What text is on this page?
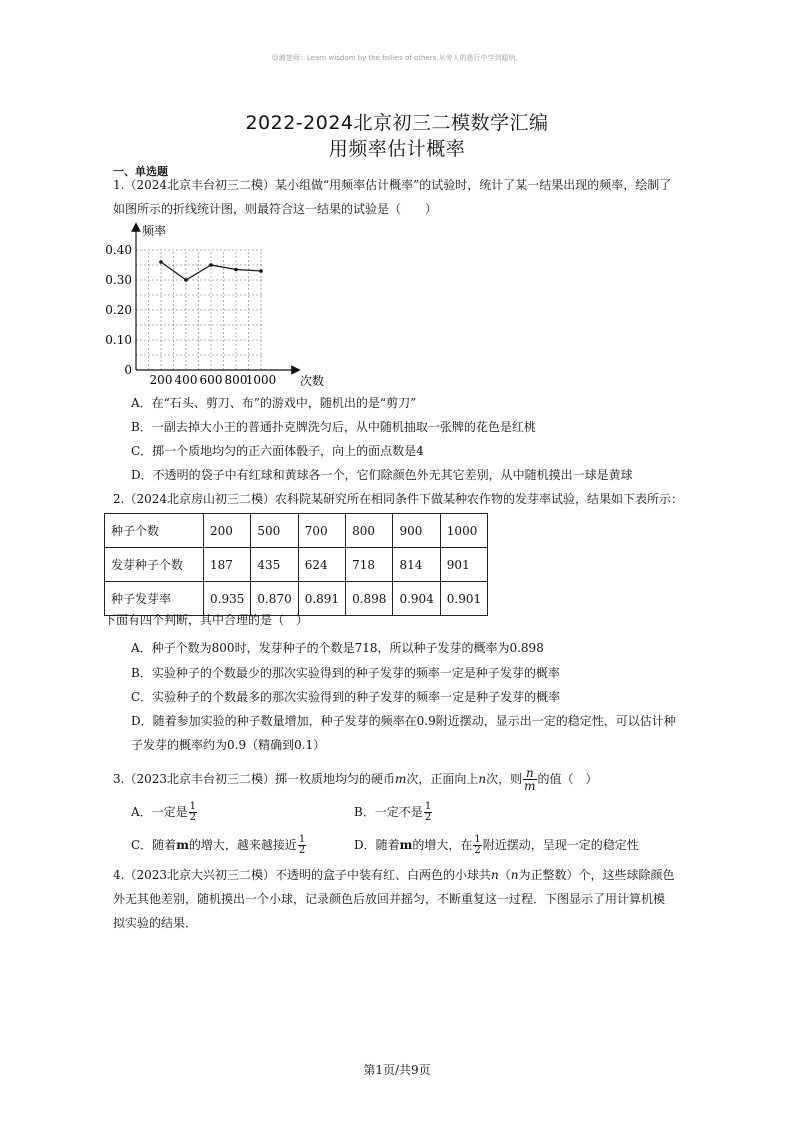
☺潞楚师：Learn wisdom by the follies of others.从旁人的愚行中学到聪明。
2022-2024北京初三二模数学汇编
用频率估计概率
一、单选题
1.（2024北京丰台初三二模）某小组做“用频率估计概率”的试验时，统计了某一结果出现的频率，绘制了
如图所示的折线统计图，则最符合这一结果的试验是（　　）
0
0.10
0.20
0.30
0.40
200 400 600 800
1000
频率
次数
A．在“石头、剪刀、布”的游戏中，随机出的是“剪刀”
B．一副去掉大小王的普通扑克牌洗匀后，从中随机抽取一张牌的花色是红桃
C．掷一个质地均匀的正六面体骰子，向上的面点数是4
D．不透明的袋子中有红球和黄球各一个，它们除颜色外无其它差别，从中随机摸出一球是黄球
2.（2024北京房山初三二模）农科院某研究所在相同条件下做某种农作物的发芽率试验，结果如下表所示：
种子个数	200	500	700	800	900	1000
发芽种子个数	187	435	624	718	814	901
种子发芽率	0.935	0.870	0.891	0.898	0.904	0.901
下面有四个判断，其中合理的是（　）
A．种子个数为800时，发芽种子的个数是718，所以种子发芽的概率为0.898
B．实验种子的个数最少的那次实验得到的种子发芽的频率一定是种子发芽的概率
C．实验种子的个数最多的那次实验得到的种子发芽的频率一定是种子发芽的概率
D．随着参加实验的种子数量增加，种子发芽的频率在0.9附近摆动，显示出一定的稳定性，可以估计种
子发芽的概率约为0.9（精确到0.1）
3.（2023北京丰台初三二模）掷一枚质地均匀的硬币m次，正面向上n次，则 $\frac{n}{m}$ 的值（　）
A．一定是 $\frac{1}{2}$	B．一定不是 $\frac{1}{2}$
C．随着m的增大，越来越接近 $\frac{1}{2}$	D．随着m的增大，在 $\frac{1}{2}$ 附近摆动，呈现一定的稳定性
4.（2023北京大兴初三二模）不透明的盒子中装有红、白两色的小球共n（n为正整数）个，这些球除颜色
外无其他差别，随机摸出一个小球，记录颜色后放回并摇匀，不断重复这一过程．下图显示了用计算机模
拟实验的结果．
第1页/共9页
